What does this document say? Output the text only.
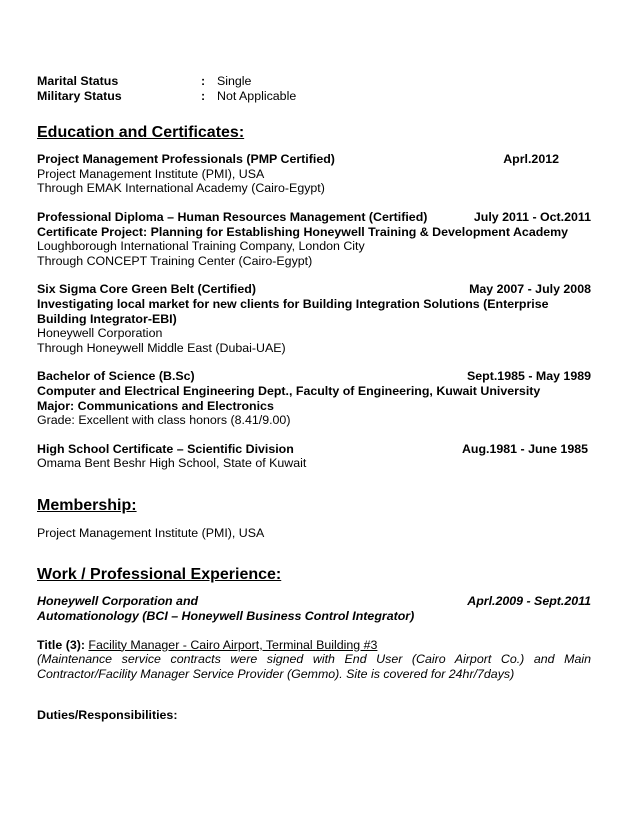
Marital Status	: Single
Military Status	: Not Applicable
Education and Certificates:
Project Management Professionals (PMP Certified)	Aprl.2012
Project Management Institute (PMI), USA
Through EMAK International Academy (Cairo-Egypt)
Professional Diploma – Human Resources Management (Certified)	July 2011 - Oct.2011
Certificate Project: Planning for Establishing Honeywell Training & Development Academy
Loughborough International Training Company, London City
Through CONCEPT Training Center (Cairo-Egypt)
Six Sigma Core Green Belt (Certified)	May 2007 - July 2008
Investigating local market for new clients for Building Integration Solutions (Enterprise
Building Integrator-EBI)
Honeywell Corporation
Through Honeywell Middle East (Dubai-UAE)
Bachelor of Science (B.Sc)	Sept.1985 - May 1989
Computer and Electrical Engineering Dept., Faculty of Engineering, Kuwait University
Major: Communications and Electronics
Grade: Excellent with class honors (8.41/9.00)
High School Certificate – Scientific Division	Aug.1981 - June 1985
Omama Bent Beshr High School, State of Kuwait
Membership:
Project Management Institute (PMI), USA
Work / Professional Experience:
Honeywell Corporation and	Aprl.2009 - Sept.2011
Automationology (BCI – Honeywell Business Control Integrator)
Title (3): Facility Manager - Cairo Airport, Terminal Building #3
(Maintenance service contracts were signed with End User (Cairo Airport Co.) and Main Contractor/Facility Manager Service Provider (Gemmo). Site is covered for 24hr/7days)
Duties/Responsibilities:
